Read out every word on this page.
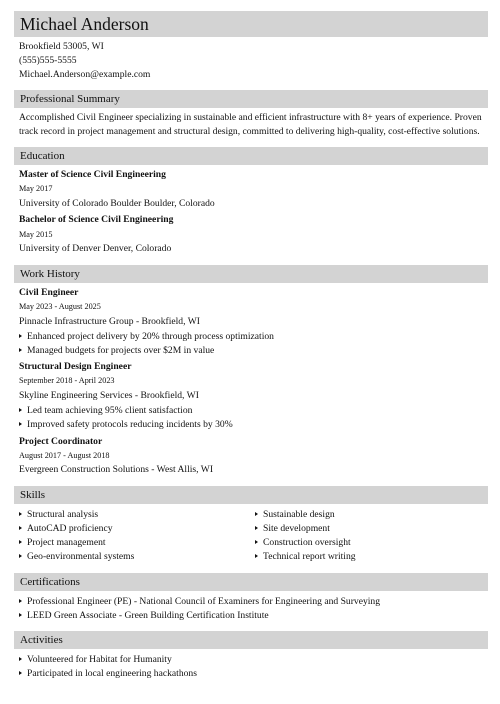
Michael Anderson
Brookfield 53005, WI
(555)555-5555
Michael.Anderson@example.com
Professional Summary
Accomplished Civil Engineer specializing in sustainable and efficient infrastructure with 8+ years of experience. Proven track record in project management and structural design, committed to delivering high-quality, cost-effective solutions.
Education
Master of Science Civil Engineering
May 2017
University of Colorado Boulder Boulder, Colorado
Bachelor of Science Civil Engineering
May 2015
University of Denver Denver, Colorado
Work History
Civil Engineer
May 2023 - August 2025
Pinnacle Infrastructure Group - Brookfield, WI
Enhanced project delivery by 20% through process optimization
Managed budgets for projects over $2M in value
Structural Design Engineer
September 2018 - April 2023
Skyline Engineering Services - Brookfield, WI
Led team achieving 95% client satisfaction
Improved safety protocols reducing incidents by 30%
Project Coordinator
August 2017 - August 2018
Evergreen Construction Solutions - West Allis, WI
Skills
Structural analysis
AutoCAD proficiency
Project management
Geo-environmental systems
Sustainable design
Site development
Construction oversight
Technical report writing
Certifications
Professional Engineer (PE) - National Council of Examiners for Engineering and Surveying
LEED Green Associate - Green Building Certification Institute
Activities
Volunteered for Habitat for Humanity
Participated in local engineering hackathons
